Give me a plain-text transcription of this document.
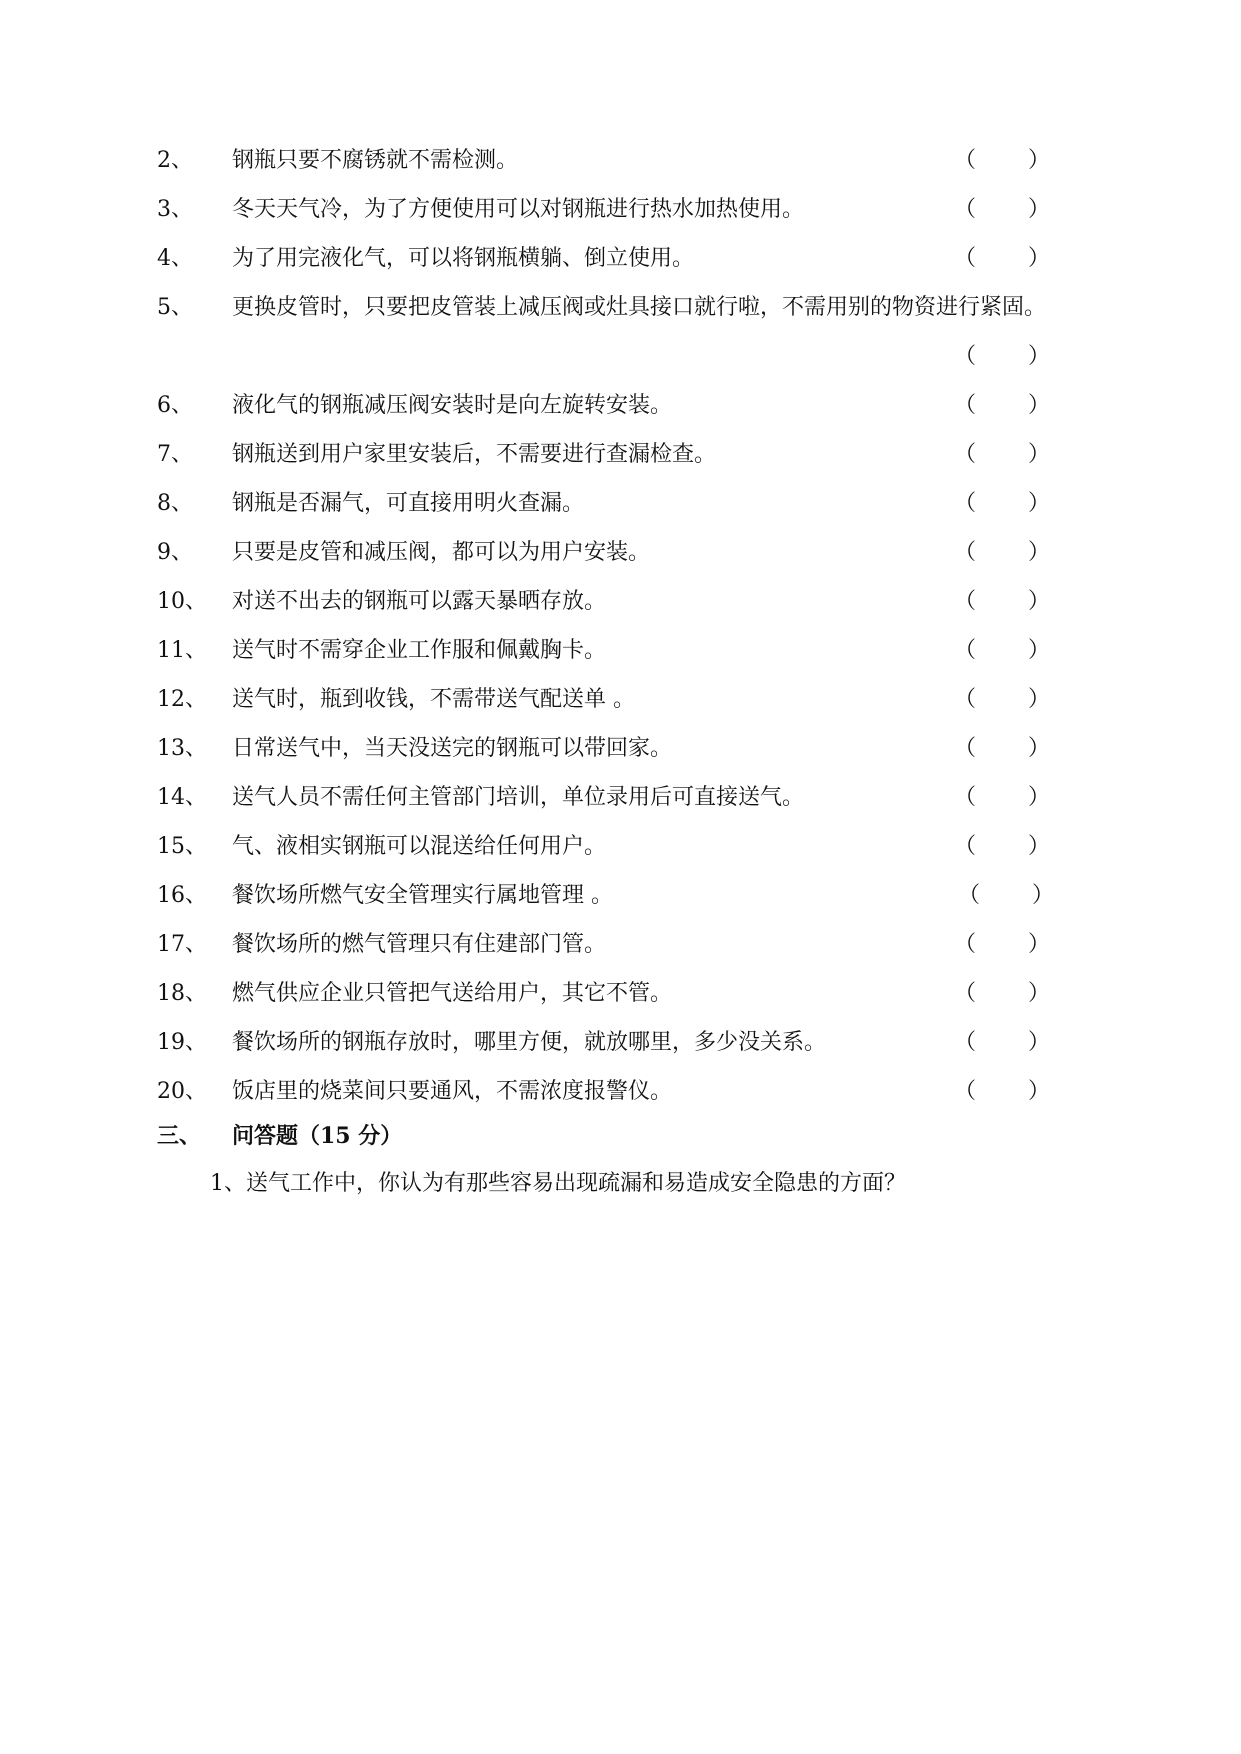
2、 钢瓶只要不腐锈就不需检测。	（ ）
3、 冬天天气冷，为了方便使用可以对钢瓶进行热水加热使用。	（ ）
4、 为了用完液化气，可以将钢瓶横躺、倒立使用。	（ ）
5、 更换皮管时，只要把皮管装上减压阀或灶具接口就行啦，不需用别的物资进行紧固。
（ ）
6、 液化气的钢瓶减压阀安装时是向左旋转安装。	（ ）
7、 钢瓶送到用户家里安装后，不需要进行查漏检查。	（ ）
8、 钢瓶是否漏气，可直接用明火查漏。	（ ）
9、 只要是皮管和减压阀，都可以为用户安装。	（ ）
10、 对送不出去的钢瓶可以露天暴晒存放。	（ ）
11、 送气时不需穿企业工作服和佩戴胸卡。	（ ）
12、 送气时，瓶到收钱，不需带送气配送单 。	（ ）
13、 日常送气中，当天没送完的钢瓶可以带回家。	（ ）
14、 送气人员不需任何主管部门培训，单位录用后可直接送气。	（ ）
15、 气、液相实钢瓶可以混送给任何用户。	（ ）
16、 餐饮场所燃气安全管理实行属地管理 。	（ ）
17、 餐饮场所的燃气管理只有住建部门管。	（ ）
18、 燃气供应企业只管把气送给用户，其它不管。	（ ）
19、 餐饮场所的钢瓶存放时，哪里方便，就放哪里，多少没关系。	（ ）
20、 饭店里的烧菜间只要通风，不需浓度报警仪。	（ ）
三、 问答题（15 分）
1、送气工作中，你认为有那些容易出现疏漏和易造成安全隐患的方面？
